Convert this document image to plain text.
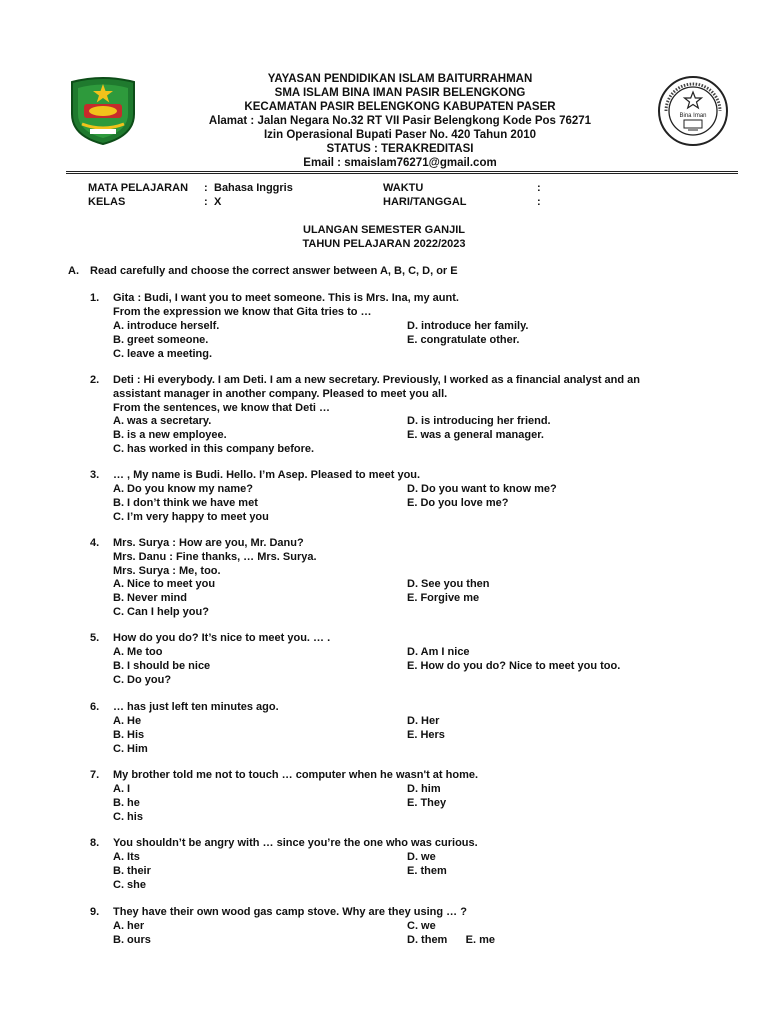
YAYASAN PENDIDIKAN ISLAM BAITURRAHMAN
SMA ISLAM BINA IMAN PASIR BELENGKONG
KECAMATAN PASIR BELENGKONG KABUPATEN PASER
Alamat : Jalan Negara No.32 RT VII Pasir Belengkong Kode Pos 76271
Izin Operasional Bupati Paser No. 420 Tahun 2010
STATUS : TERAKREDITASI
Email : smaislam76271@gmail.com
Bina Iman
MATA PELAJARAN	: Bahasa Inggris
KELAS	: X
WAKTU	:
HARI/TANGGAL	:
ULANGAN SEMESTER GANJIL
TAHUN PELAJARAN 2022/2023
A.	Read carefully and choose the correct answer between A, B, C, D, or E
1.	Gita : Budi, I want you to meet someone. This is Mrs. Ina, my aunt.
From the expression we know that Gita tries to …
A. introduce herself.	D. introduce her family.
B. greet someone.	E. congratulate other.
C. leave a meeting.
2.	Deti : Hi everybody. I am Deti. I am a new secretary. Previously, I worked as a financial analyst and an
assistant manager in another company. Pleased to meet you all.
From the sentences, we know that Deti …
A. was a secretary.	D. is introducing her friend.
B. is a new employee.	E. was a general manager.
C. has worked in this company before.
3.	… , My name is Budi. Hello. I’m Asep. Pleased to meet you.
A. Do you know my name?	D. Do you want to know me?
B. I don’t think we have met	E. Do you love me?
C. I’m very happy to meet you
4.	Mrs. Surya : How are you, Mr. Danu?
Mrs. Danu : Fine thanks, … Mrs. Surya.
Mrs. Surya : Me, too.
A. Nice to meet you	D. See you then
B. Never mind	E. Forgive me
C. Can I help you?
5.	How do you do? It’s nice to meet you. … .
A. Me too	D. Am I nice
B. I should be nice	E. How do you do? Nice to meet you too.
C. Do you?
6.	… has just left ten minutes ago.
A. He	D. Her
B. His	E. Hers
C. Him
7.	My brother told me not to touch … computer when he wasn't at home.
A. I	D. him
B. he	E. They
C. his
8.	You shouldn’t be angry with … since you’re the one who was curious.
A. Its	D. we
B. their	E. them
C. she
9.	They have their own wood gas camp stove. Why are they using … ?
A. her	C. we
B. ours	D. them      E. me
